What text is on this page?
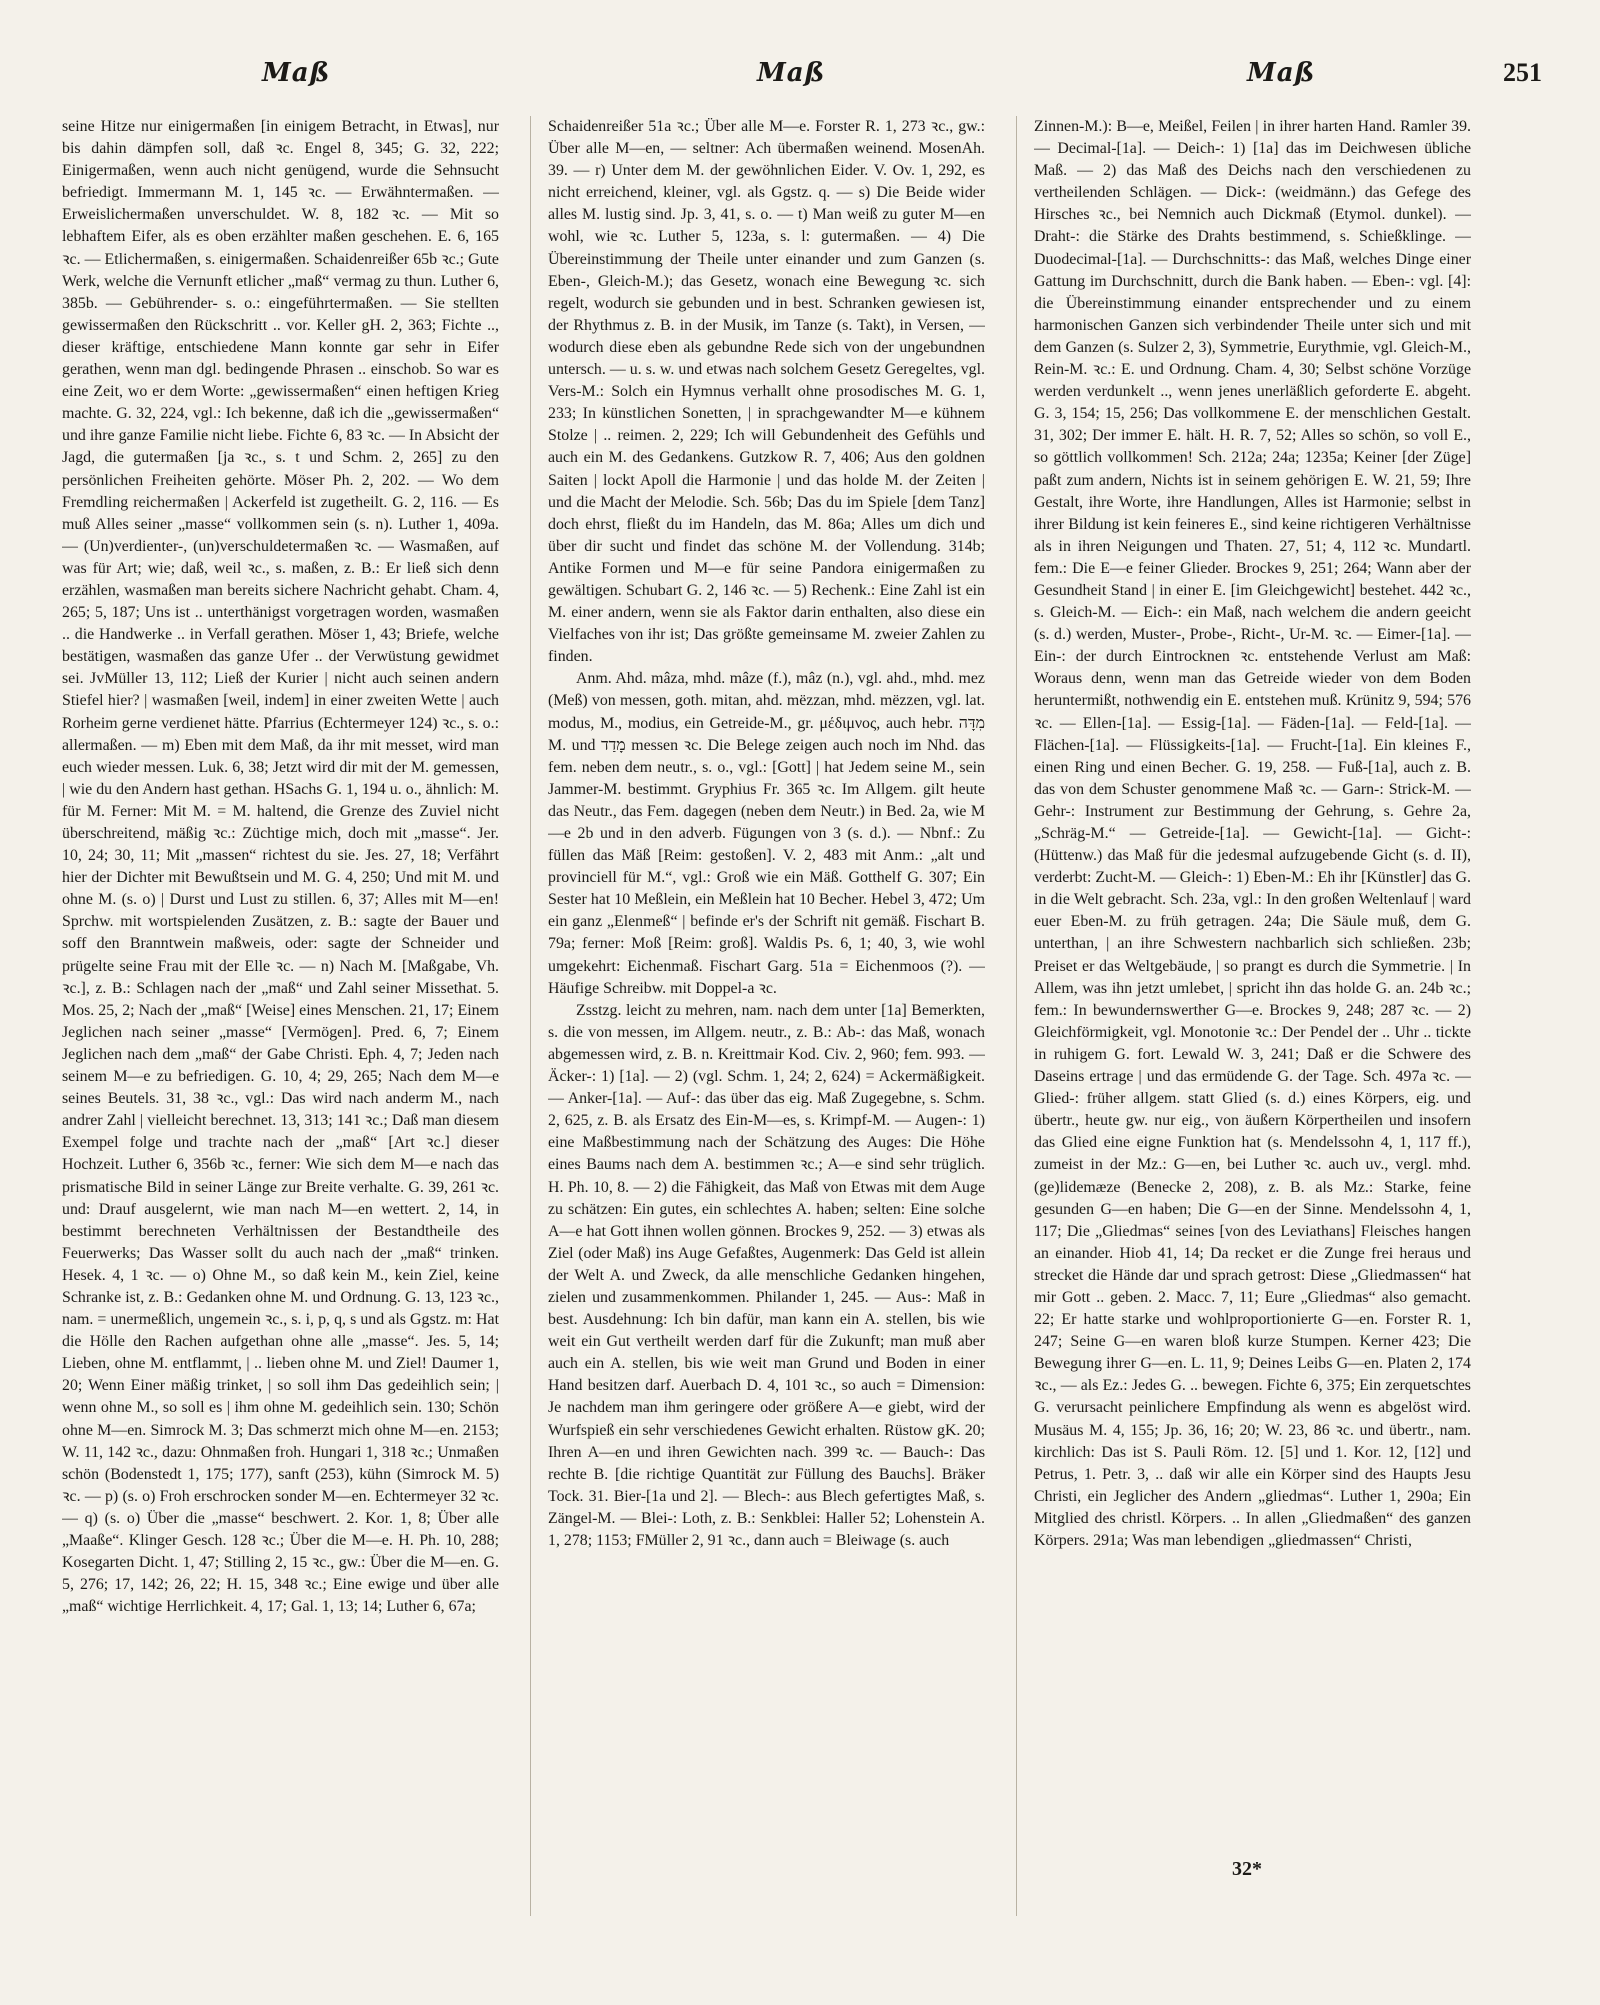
Maß	Maß	Maß	251

seine Hitze nur einigermaßen [in einigem Betracht, in Etwas], nur bis dahin dämpfen soll, daß ꝛc. Engel 8, 345; G. 32, 222; Einigermaßen, wenn auch nicht genügend, wurde die Sehnsucht befriedigt. Immermann M. 1, 145 ꝛc. — Erwähntermaßen. — Erweislichermaßen unverschuldet. W. 8, 182 ꝛc. — Mit so lebhaftem Eifer, als es oben erzählter maßen geschehen. E. 6, 165 ꝛc. — Etlichermaßen, s. einigermaßen. Schaidenreißer 65b ꝛc.; Gute Werk, welche die Vernunft etlicher „maß“ vermag zu thun. Luther 6, 385b. — Gebührender- s. o.: eingeführtermaßen. — Sie stellten gewissermaßen den Rückschritt .. vor. Keller gH. 2, 363; Fichte .., dieser kräftige, entschiedene Mann konnte gar sehr in Eifer gerathen, wenn man dgl. bedingende Phrasen .. einschob. So war es eine Zeit, wo er dem Worte: „gewissermaßen“ einen heftigen Krieg machte. G. 32, 224, vgl.: Ich bekenne, daß ich die „gewissermaßen“ und ihre ganze Familie nicht liebe. Fichte 6, 83 ꝛc. — In Absicht der Jagd, die gutermaßen [ja ꝛc., s. t und Schm. 2, 265] zu den persönlichen Freiheiten gehörte. Möser Ph. 2, 202. — Wo dem Fremdling reichermaßen | Ackerfeld ist zugetheilt. G. 2, 116. — Es muß Alles seiner „masse“ vollkommen sein (s. n). Luther 1, 409a. — (Un)verdienter-, (un)verschuldetermaßen ꝛc. — Wasmaßen, auf was für Art; wie; daß, weil ꝛc., s. maßen, z. B.: Er ließ sich denn erzählen, wasmaßen man bereits sichere Nachricht gehabt. Cham. 4, 265; 5, 187; Uns ist .. unterthänigst vorgetragen worden, wasmaßen .. die Handwerke .. in Verfall gerathen. Möser 1, 43; Briefe, welche bestätigen, wasmaßen das ganze Ufer .. der Verwüstung gewidmet sei. JvMüller 13, 112; Ließ der Kurier | nicht auch seinen andern Stiefel hier? | wasmaßen [weil, indem] in einer zweiten Wette | auch Rorheim gerne verdienet hätte. Pfarrius (Echtermeyer 124) ꝛc., s. o.: allermaßen. — m) Eben mit dem Maß, da ihr mit messet, wird man euch wieder messen. Luk. 6, 38; Jetzt wird dir mit der M. gemessen, | wie du den Andern hast gethan. HSachs G. 1, 194 u. o., ähnlich: M. für M. Ferner: Mit M. = M. haltend, die Grenze des Zuviel nicht überschreitend, mäßig ꝛc.: Züchtige mich, doch mit „masse“. Jer. 10, 24; 30, 11; Mit „massen“ richtest du sie. Jes. 27, 18; Verfährt hier der Dichter mit Bewußtsein und M. G. 4, 250; Und mit M. und ohne M. (s. o) | Durst und Lust zu stillen. 6, 37; Alles mit M—en! Sprchw. mit wortspielenden Zusätzen, z. B.: sagte der Bauer und soff den Branntwein maßweis, oder: sagte der Schneider und prügelte seine Frau mit der Elle ꝛc. — n) Nach M. [Maßgabe, Vh. ꝛc.], z. B.: Schlagen nach der „maß“ und Zahl seiner Missethat. 5. Mos. 25, 2; Nach der „maß“ [Weise] eines Menschen. 21, 17; Einem Jeglichen nach seiner „masse“ [Vermögen]. Pred. 6, 7; Einem Jeglichen nach dem „maß“ der Gabe Christi. Eph. 4, 7; Jeden nach seinem M—e zu befriedigen. G. 10, 4; 29, 265; Nach dem M—e seines Beutels. 31, 38 ꝛc., vgl.: Das wird nach anderm M., nach andrer Zahl | vielleicht berechnet. 13, 313; 141 ꝛc.; Daß man diesem Exempel folge und trachte nach der „maß“ [Art ꝛc.] dieser Hochzeit. Luther 6, 356b ꝛc., ferner: Wie sich dem M—e nach das prismatische Bild in seiner Länge zur Breite verhalte. G. 39, 261 ꝛc. und: Drauf ausgelernt, wie man nach M—en wettert. 2, 14, in bestimmt berechneten Verhältnissen der Bestandtheile des Feuerwerks; Das Wasser sollt du auch nach der „maß“ trinken. Hesek. 4, 1 ꝛc. — o) Ohne M., so daß kein M., kein Ziel, keine Schranke ist, z. B.: Gedanken ohne M. und Ordnung. G. 13, 123 ꝛc., nam. = unermeßlich, ungemein ꝛc., s. i, p, q, s und als Ggstz. m: Hat die Hölle den Rachen aufgethan ohne alle „masse“. Jes. 5, 14; Lieben, ohne M. entflammt, | .. lieben ohne M. und Ziel! Daumer 1, 20; Wenn Einer mäßig trinket, | so soll ihm Das gedeihlich sein; | wenn ohne M., so soll es | ihm ohne M. gedeihlich sein. 130; Schön ohne M—en. Simrock M. 3; Das schmerzt mich ohne M—en. 2153; W. 11, 142 ꝛc., dazu: Ohnmaßen froh. Hungari 1, 318 ꝛc.; Unmaßen schön (Bodenstedt 1, 175; 177), sanft (253), kühn (Simrock M. 5) ꝛc. — p) (s. o) Froh erschrocken sonder M—en. Echtermeyer 32 ꝛc. — q) (s. o) Über die „masse“ beschwert. 2. Kor. 1, 8; Über alle „Maaße“. Klinger Gesch. 128 ꝛc.; Über die M—e. H. Ph. 10, 288; Kosegarten Dicht. 1, 47; Stilling 2, 15 ꝛc., gw.: Über die M—en. G. 5, 276; 17, 142; 26, 22; H. 15, 348 ꝛc.; Eine ewige und über alle „maß“ wichtige Herrlichkeit. 4, 17; Gal. 1, 13; 14; Luther 6, 67a;

Schaidenreißer 51a ꝛc.; Über alle M—e. Forster R. 1, 273 ꝛc., gw.: Über alle M—en, — seltner: Ach übermaßen weinend. MosenAh. 39. — r) Unter dem M. der gewöhnlichen Eider. V. Ov. 1, 292, es nicht erreichend, kleiner, vgl. als Ggstz. q. — s) Die Beide wider alles M. lustig sind. Jp. 3, 41, s. o. — t) Man weiß zu guter M—en wohl, wie ꝛc. Luther 5, 123a, s. l: gutermaßen. — 4) Die Übereinstimmung der Theile unter einander und zum Ganzen (s. Eben-, Gleich-M.); das Gesetz, wonach eine Bewegung ꝛc. sich regelt, wodurch sie gebunden und in best. Schranken gewiesen ist, der Rhythmus z. B. in der Musik, im Tanze (s. Takt), in Versen, — wodurch diese eben als gebundne Rede sich von der ungebundnen untersch. — u. s. w. und etwas nach solchem Gesetz Geregeltes, vgl. Vers-M.: Solch ein Hymnus verhallt ohne prosodisches M. G. 1, 233; In künstlichen Sonetten, | in sprachgewandter M—e kühnem Stolze | .. reimen. 2, 229; Ich will Gebundenheit des Gefühls und auch ein M. des Gedankens. Gutzkow R. 7, 406; Aus den goldnen Saiten | lockt Apoll die Harmonie | und das holde M. der Zeiten | und die Macht der Melodie. Sch. 56b; Das du im Spiele [dem Tanz] doch ehrst, fließt du im Handeln, das M. 86a; Alles um dich und über dir sucht und findet das schöne M. der Vollendung. 314b; Antike Formen und M—e für seine Pandora einigermaßen zu gewältigen. Schubart G. 2, 146 ꝛc. — 5) Rechenk.: Eine Zahl ist ein M. einer andern, wenn sie als Faktor darin enthalten, also diese ein Vielfaches von ihr ist; Das größte gemeinsame M. zweier Zahlen zu finden.

Anm. Ahd. mâza, mhd. mâze (f.), mâz (n.), vgl. ahd., mhd. mez (Meß) von messen, goth. mitan, ahd. mëzzan, mhd. mëzzen, vgl. lat. modus, M., modius, ein Getreide-M., gr. μέδιμνος, auch hebr. מִדָּה M. und מָדַד messen ꝛc. Die Belege zeigen auch noch im Nhd. das fem. neben dem neutr., s. o., vgl.: [Gott] | hat Jedem seine M., sein Jammer-M. bestimmt. Gryphius Fr. 365 ꝛc. Im Allgem. gilt heute das Neutr., das Fem. dagegen (neben dem Neutr.) in Bed. 2a, wie M—e 2b und in den adverb. Fügungen von 3 (s. d.). — Nbnf.: Zu füllen das Mäß [Reim: gestoßen]. V. 2, 483 mit Anm.: „alt und provinciell für M.“, vgl.: Groß wie ein Mäß. Gotthelf G. 307; Ein Sester hat 10 Meßlein, ein Meßlein hat 10 Becher. Hebel 3, 472; Um ein ganz „Elenmeß“ | befinde er's der Schrift nit gemäß. Fischart B. 79a; ferner: Moß [Reim: groß]. Waldis Ps. 6, 1; 40, 3, wie wohl umgekehrt: Eichenmaß. Fischart Garg. 51a = Eichenmoos (?). — Häufige Schreibw. mit Doppel-a ꝛc.

Zsstzg. leicht zu mehren, nam. nach dem unter [1a] Bemerkten, s. die von messen, im Allgem. neutr., z. B.: Ab-: das Maß, wonach abgemessen wird, z. B. n. Kreittmair Kod. Civ. 2, 960; fem. 993. — Äcker-: 1) [1a]. — 2) (vgl. Schm. 1, 24; 2, 624) = Ackermäßigkeit. — Anker-[1a]. — Auf-: das über das eig. Maß Zugegebne, s. Schm. 2, 625, z. B. als Ersatz des Ein-M—es, s. Krimpf-M. — Augen-: 1) eine Maßbestimmung nach der Schätzung des Auges: Die Höhe eines Baums nach dem A. bestimmen ꝛc.; A—e sind sehr trüglich. H. Ph. 10, 8. — 2) die Fähigkeit, das Maß von Etwas mit dem Auge zu schätzen: Ein gutes, ein schlechtes A. haben; selten: Eine solche A—e hat Gott ihnen wollen gönnen. Brockes 9, 252. — 3) etwas als Ziel (oder Maß) ins Auge Gefaßtes, Augenmerk: Das Geld ist allein der Welt A. und Zweck, da alle menschliche Gedanken hingehen, zielen und zusammenkommen. Philander 1, 245. — Aus-: Maß in best. Ausdehnung: Ich bin dafür, man kann ein A. stellen, bis wie weit ein Gut vertheilt werden darf für die Zukunft; man muß aber auch ein A. stellen, bis wie weit man Grund und Boden in einer Hand besitzen darf. Auerbach D. 4, 101 ꝛc., so auch = Dimension: Je nachdem man ihm geringere oder größere A—e giebt, wird der Wurfspieß ein sehr verschiedenes Gewicht erhalten. Rüstow gK. 20; Ihren A—en und ihren Gewichten nach. 399 ꝛc. — Bauch-: Das rechte B. [die richtige Quantität zur Füllung des Bauchs]. Bräker Tock. 31. Bier-[1a und 2]. — Blech-: aus Blech gefertigtes Maß, s. Zängel-M. — Blei-: Loth, z. B.: Senkblei: Haller 52; Lohenstein A. 1, 278; 1153; FMüller 2, 91 ꝛc., dann auch = Bleiwage (s. auch

Zinnen-M.): B—e, Meißel, Feilen | in ihrer harten Hand. Ramler 39. — Decimal-[1a]. — Deich-: 1) [1a] das im Deichwesen übliche Maß. — 2) das Maß des Deichs nach den verschiedenen zu vertheilenden Schlägen. — Dick-: (weidmänn.) das Gefege des Hirsches ꝛc., bei Nemnich auch Dickmaß (Etymol. dunkel). — Draht-: die Stärke des Drahts bestimmend, s. Schießklinge. — Duodecimal-[1a]. — Durchschnitts-: das Maß, welches Dinge einer Gattung im Durchschnitt, durch die Bank haben. — Eben-: vgl. [4]: die Übereinstimmung einander entsprechender und zu einem harmonischen Ganzen sich verbindender Theile unter sich und mit dem Ganzen (s. Sulzer 2, 3), Symmetrie, Eurythmie, vgl. Gleich-M., Rein-M. ꝛc.: E. und Ordnung. Cham. 4, 30; Selbst schöne Vorzüge werden verdunkelt .., wenn jenes unerläßlich geforderte E. abgeht. G. 3, 154; 15, 256; Das vollkommene E. der menschlichen Gestalt. 31, 302; Der immer E. hält. H. R. 7, 52; Alles so schön, so voll E., so göttlich vollkommen! Sch. 212a; 24a; 1235a; Keiner [der Züge] paßt zum andern, Nichts ist in seinem gehörigen E. W. 21, 59; Ihre Gestalt, ihre Worte, ihre Handlungen, Alles ist Harmonie; selbst in ihrer Bildung ist kein feineres E., sind keine richtigeren Verhältnisse als in ihren Neigungen und Thaten. 27, 51; 4, 112 ꝛc. Mundartl. fem.: Die E—e feiner Glieder. Brockes 9, 251; 264; Wann aber der Gesundheit Stand | in einer E. [im Gleichgewicht] bestehet. 442 ꝛc., s. Gleich-M. — Eich-: ein Maß, nach welchem die andern geeicht (s. d.) werden, Muster-, Probe-, Richt-, Ur-M. ꝛc. — Eimer-[1a]. — Ein-: der durch Eintrocknen ꝛc. entstehende Verlust am Maß: Woraus denn, wenn man das Getreide wieder von dem Boden heruntermißt, nothwendig ein E. entstehen muß. Krünitz 9, 594; 576 ꝛc. — Ellen-[1a]. — Essig-[1a]. — Fäden-[1a]. — Feld-[1a]. — Flächen-[1a]. — Flüssigkeits-[1a]. — Frucht-[1a]. Ein kleines F., einen Ring und einen Becher. G. 19, 258. — Fuß-[1a], auch z. B. das von dem Schuster genommene Maß ꝛc. — Garn-: Strick-M. — Gehr-: Instrument zur Bestimmung der Gehrung, s. Gehre 2a, „Schräg-M.“ — Getreide-[1a]. — Gewicht-[1a]. — Gicht-: (Hüttenw.) das Maß für die jedesmal aufzugebende Gicht (s. d. II), verderbt: Zucht-M. — Gleich-: 1) Eben-M.: Eh ihr [Künstler] das G. in die Welt gebracht. Sch. 23a, vgl.: In den großen Weltenlauf | ward euer Eben-M. zu früh getragen. 24a; Die Säule muß, dem G. unterthan, | an ihre Schwestern nachbarlich sich schließen. 23b; Preiset er das Weltgebäude, | so prangt es durch die Symmetrie. | In Allem, was ihn jetzt umlebet, | spricht ihn das holde G. an. 24b ꝛc.; fem.: In bewundernswerther G—e. Brockes 9, 248; 287 ꝛc. — 2) Gleichförmigkeit, vgl. Monotonie ꝛc.: Der Pendel der .. Uhr .. tickte in ruhigem G. fort. Lewald W. 3, 241; Daß er die Schwere des Daseins ertrage | und das ermüdende G. der Tage. Sch. 497a ꝛc. — Glied-: früher allgem. statt Glied (s. d.) eines Körpers, eig. und übertr., heute gw. nur eig., von äußern Körpertheilen und insofern das Glied eine eigne Funktion hat (s. Mendelssohn 4, 1, 117 ff.), zumeist in der Mz.: G—en, bei Luther ꝛc. auch uv., vergl. mhd. (ge)lidemæze (Benecke 2, 208), z. B. als Mz.: Starke, feine gesunden G—en haben; Die G—en der Sinne. Mendelssohn 4, 1, 117; Die „Gliedmas“ seines [von des Leviathans] Fleisches hangen an einander. Hiob 41, 14; Da recket er die Zunge frei heraus und strecket die Hände dar und sprach getrost: Diese „Gliedmassen“ hat mir Gott .. geben. 2. Macc. 7, 11; Eure „Gliedmas“ also gemacht. 22; Er hatte starke und wohlproportionierte G—en. Forster R. 1, 247; Seine G—en waren bloß kurze Stumpen. Kerner 423; Die Bewegung ihrer G—en. L. 11, 9; Deines Leibs G—en. Platen 2, 174 ꝛc., — als Ez.: Jedes G. .. bewegen. Fichte 6, 375; Ein zerquetschtes G. verursacht peinlichere Empfindung als wenn es abgelöst wird. Musäus M. 4, 155; Jp. 36, 16; 20; W. 23, 86 ꝛc. und übertr., nam. kirchlich: Das ist S. Pauli Röm. 12. [5] und 1. Kor. 12, [12] und Petrus, 1. Petr. 3, .. daß wir alle ein Körper sind des Haupts Jesu Christi, ein Jeglicher des Andern „gliedmas“. Luther 1, 290a; Ein Mitglied des christl. Körpers. .. In allen „Gliedmaßen“ des ganzen Körpers. 291a; Was man lebendigen „gliedmassen“ Christi,

32*
